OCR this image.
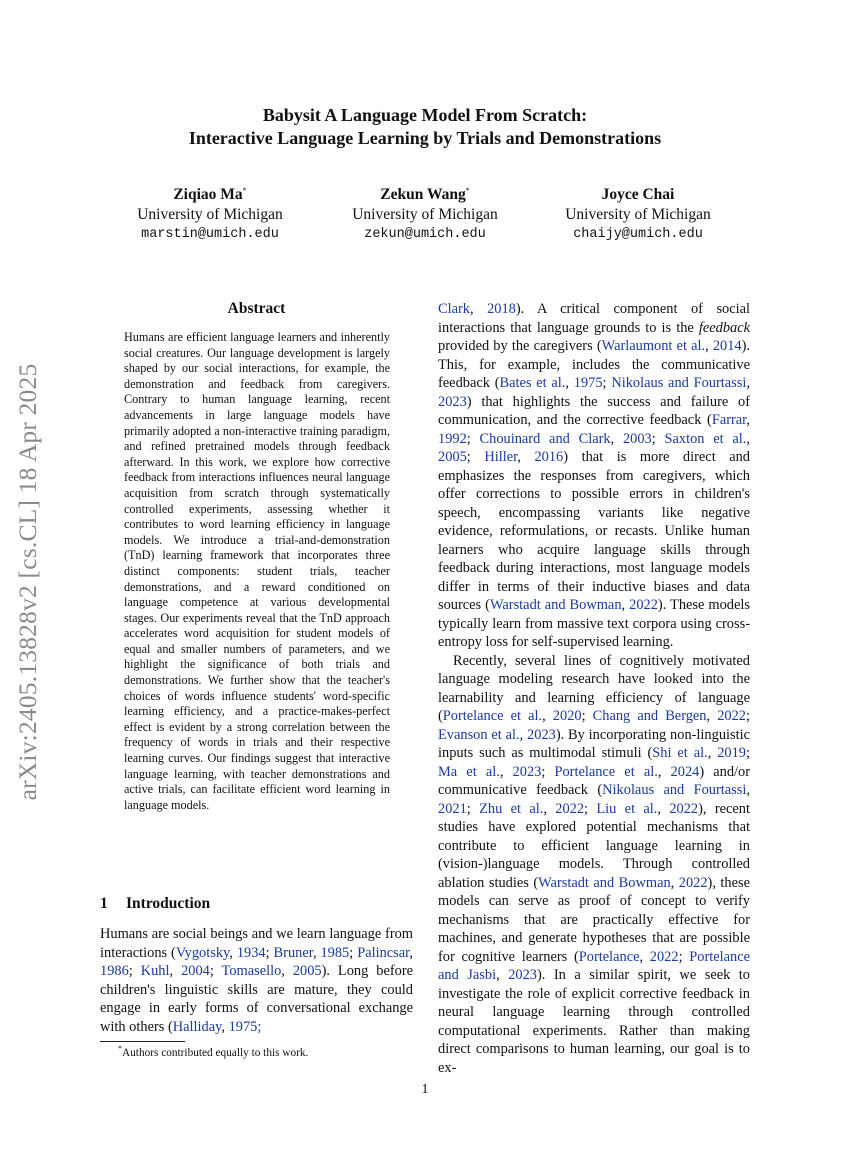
arXiv:2405.13828v2 [cs.CL] 18 Apr 2025
Babysit A Language Model From Scratch:
Interactive Language Learning by Trials and Demonstrations
Ziqiao Ma*
University of Michigan
marstin@umich.edu
Zekun Wang*
University of Michigan
zekun@umich.edu
Joyce Chai
University of Michigan
chaijy@umich.edu
Abstract
Humans are efficient language learners and inherently social creatures. Our language development is largely shaped by our social interactions, for example, the demonstration and feedback from caregivers. Contrary to human language learning, recent advancements in large language models have primarily adopted a non-interactive training paradigm, and refined pretrained models through feedback afterward. In this work, we explore how corrective feedback from interactions influences neural language acquisition from scratch through systematically controlled experiments, assessing whether it contributes to word learning efficiency in language models. We introduce a trial-and-demonstration (TnD) learning framework that incorporates three distinct components: student trials, teacher demonstrations, and a reward conditioned on language competence at various developmental stages. Our experiments reveal that the TnD approach accelerates word acquisition for student models of equal and smaller numbers of parameters, and we highlight the significance of both trials and demonstrations. We further show that the teacher's choices of words influence students' word-specific learning efficiency, and a practice-makes-perfect effect is evident by a strong correlation between the frequency of words in trials and their respective learning curves. Our findings suggest that interactive language learning, with teacher demonstrations and active trials, can facilitate efficient word learning in language models.
1 Introduction
Humans are social beings and we learn language from interactions (Vygotsky, 1934; Bruner, 1985; Palincsar, 1986; Kuhl, 2004; Tomasello, 2005). Long before children's linguistic skills are mature, they could engage in early forms of conversational exchange with others (Halliday, 1975;
*Authors contributed equally to this work.

Clark, 2018). A critical component of social interactions that language grounds to is the feedback provided by the caregivers (Warlaumont et al., 2014). This, for example, includes the communicative feedback (Bates et al., 1975; Nikolaus and Fourtassi, 2023) that highlights the success and failure of communication, and the corrective feedback (Farrar, 1992; Chouinard and Clark, 2003; Saxton et al., 2005; Hiller, 2016) that is more direct and emphasizes the responses from caregivers, which offer corrections to possible errors in children's speech, encompassing variants like negative evidence, reformulations, or recasts. Unlike human learners who acquire language skills through feedback during interactions, most language models differ in terms of their inductive biases and data sources (Warstadt and Bowman, 2022). These models typically learn from massive text corpora using cross-entropy loss for self-supervised learning.

Recently, several lines of cognitively motivated language modeling research have looked into the learnability and learning efficiency of language (Portelance et al., 2020; Chang and Bergen, 2022; Evanson et al., 2023). By incorporating non-linguistic inputs such as multimodal stimuli (Shi et al., 2019; Ma et al., 2023; Portelance et al., 2024) and/or communicative feedback (Nikolaus and Fourtassi, 2021; Zhu et al., 2022; Liu et al., 2022), recent studies have explored potential mechanisms that contribute to efficient language learning in (vision-)language models. Through controlled ablation studies (Warstadt and Bowman, 2022), these models can serve as proof of concept to verify mechanisms that are practically effective for machines, and generate hypotheses that are possible for cognitive learners (Portelance, 2022; Portelance and Jasbi, 2023). In a similar spirit, we seek to investigate the role of explicit corrective feedback in neural language learning through controlled computational experiments. Rather than making direct comparisons to human learning, our goal is to ex-

1
